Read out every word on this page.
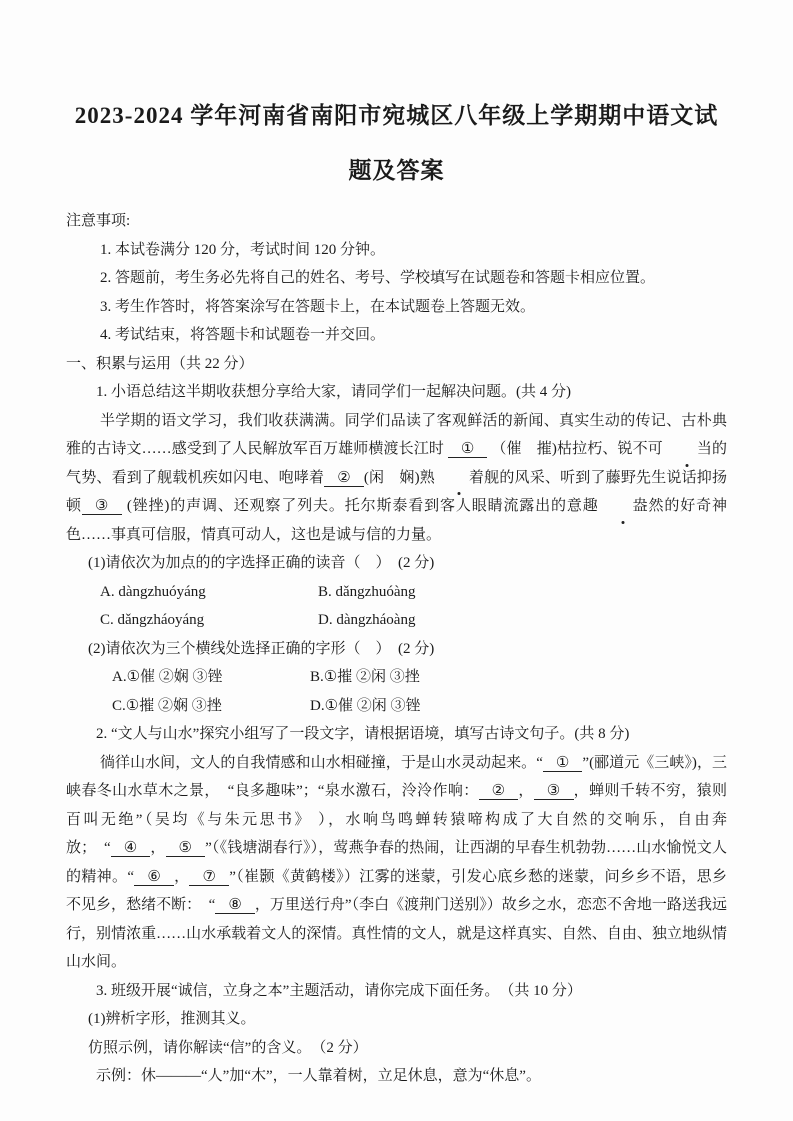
2023-2024 学年河南省南阳市宛城区八年级上学期期中语文试题及答案

注意事项:

1. 本试卷满分 120 分，考试时间 120 分钟。

2. 答题前，考生务必先将自己的姓名、考号、学校填写在试题卷和答题卡相应位置。

3. 考生作答时，将答案涂写在答题卡上，在本试题卷上答题无效。

4. 考试结束，将答题卡和试题卷一并交回。

一、积累与运用（共 22 分）

1. 小语总结这半期收获想分享给大家，请同学们一起解决问题。(共 4 分)

半学期的语文学习，我们收获满满。同学们品读了客观鲜活的新闻、真实生动的传记、古朴典雅的古诗文……感受到了人民解放军百万雄师横渡长江时 ① （催　摧)枯拉朽、锐不可 当的气势、看到了舰载机疾如闪电、咆哮着 ② (闲　娴)熟 着舰的风采、听到了藤野先生说话抑扬顿 ③ (锉挫)的声调、还观察了列夫。托尔斯泰看到客人眼睛流露出的意趣 盎然的好奇神色……事真可信服，情真可动人，这也是诚与信的力量。

(1)请依次为加点的的字选择正确的读音（　）　(2 分)

A. dàngzhuóyáng	B. dǎngzhuóàng
C. dǎngzháoyáng	D. dàngzháoàng

(2)请依次为三个横线处选择正确的字形（　）　(2 分)

A.①催 ②娴 ③锉	B.①摧 ②闲 ③挫
C.①摧 ②娴 ③挫	D.①催 ②闲 ③锉

2. “文人与山水”探究小组写了一段文字，请根据语境，填写古诗文句子。(共 8 分)

徜徉山水间，文人的自我情感和山水相碰撞，于是山水灵动起来。“ ① ”(郦道元《三峡》)，三峡春冬山水草木之景，　“良多趣味”；“泉水激石，泠泠作响： ② ， ③ ，蝉则千转不穷，猿则百叫无绝”（吴均《与朱元思书》 ），水响鸟鸣蝉转猿啼构成了大自然的交响乐，自由奔放；　“ ④ ， ⑤ ”（《钱塘湖春行》），莺燕争春的热闹，让西湖的早春生机勃勃……山水愉悦文人的精神。“ ⑥ ， ⑦ ”（崔颢《黄鹤楼》）江雾的迷蒙，引发心底乡愁的迷蒙，问乡乡不语，思乡不见乡，愁绪不断：　“ ⑧ ，万里送行舟”（李白《渡荆门送别》）故乡之水，恋恋不舍地一路送我远行，别情浓重……山水承载着文人的深情。真性情的文人，就是这样真实、自然、自由、独立地纵情山水间。

3. 班级开展“诚信，立身之本”主题活动，请你完成下面任务。　（共 10 分）

(1)辨析字形，推测其义。

仿照示例，请你解读“信”的含义。　（2 分）

示例：休———“人”加“木”，一人靠着树，立足休息，意为“休息”。
